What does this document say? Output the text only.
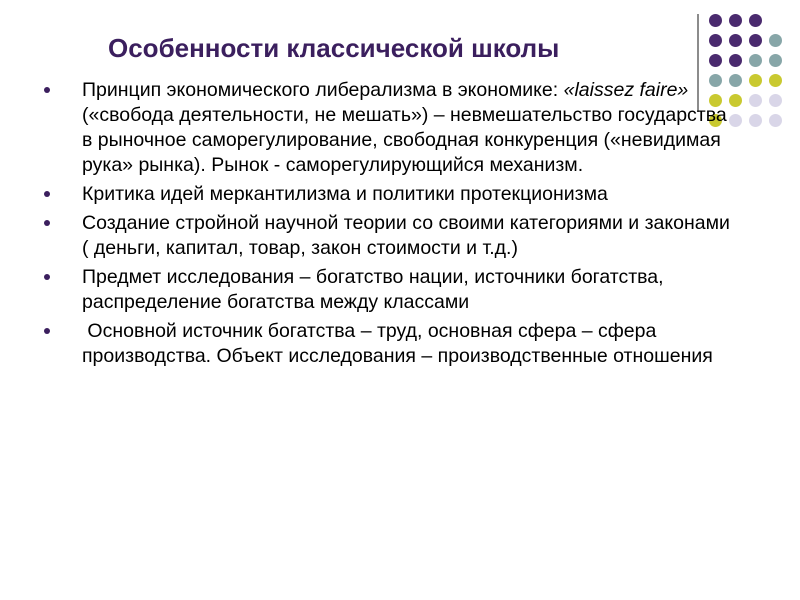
Особенности классической школы
Принцип экономического либерализма в экономике: «laissez faire» («свобода деятельности, не мешать») – невмешательство государства в рыночное саморегулирование, свободная конкуренция («невидимая рука» рынка). Рынок - саморегулирующийся механизм.
Критика идей меркантилизма и политики протекционизма
Создание стройной научной теории со своими категориями и законами ( деньги, капитал, товар, закон стоимости и т.д.)
Предмет исследования – богатство нации, источники богатства, распределение богатства между классами
Основной источник богатства – труд, основная сфера – сфера производства. Объект исследования – производственные отношения
